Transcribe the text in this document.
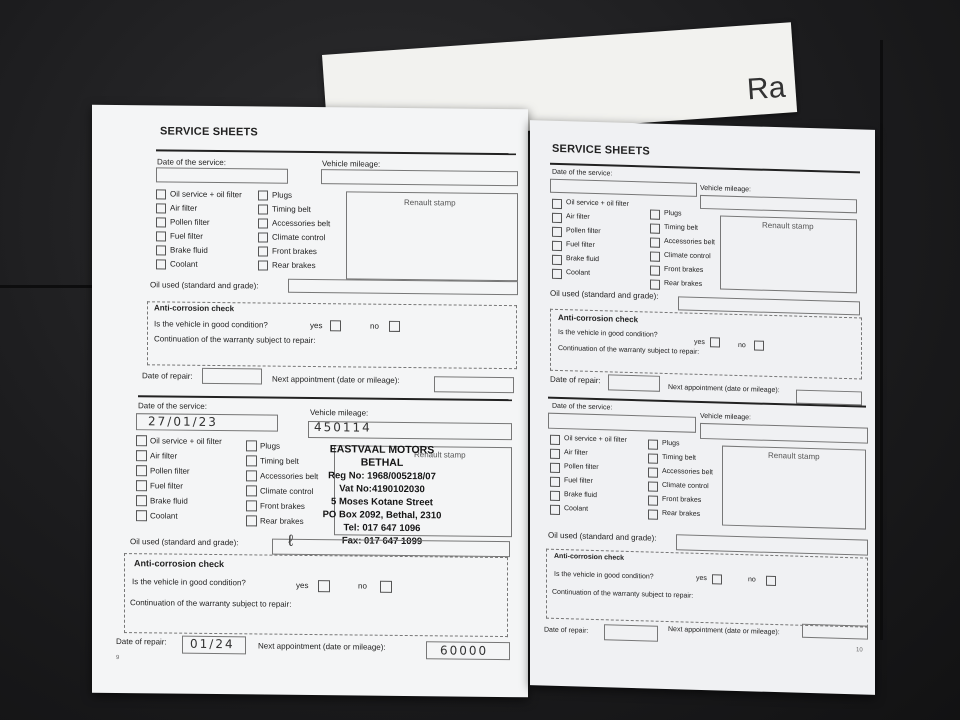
Ra
SERVICE SHEETS
Date of the service:	Vehicle mileage:
Oil service + oil filter
Air filter
Pollen filter
Fuel filter
Brake fluid
Coolant
Plugs
Timing belt
Accessories belt
Climate control
Front brakes
Rear brakes
Renault stamp
Oil used (standard and grade):
Anti-corrosion check
Is the vehicle in good condition?	yes	no
Continuation of the warranty subject to repair:
Date of repair:	Next appointment (date or mileage):
Date of the service:
Vehicle mileage:
27/01/23	450114
Oil service + oil filter
Air filter
Pollen filter
Fuel filter
Brake fluid
Coolant
Plugs
Timing belt
Accessories belt
Climate control
Front brakes
Rear brakes
Renault stamp
EASTVAAL MOTORS
BETHAL
Reg No: 1968/005218/07
Vat No:4190102030
5 Moses Kotane Street
PO Box 2092, Bethal, 2310
Tel: 017 647 1096
Fax: 017 647 1099
Oil used (standard and grade):	ℓ
Anti-corrosion check
Is the vehicle in good condition?	yes	no
Continuation of the warranty subject to repair:
Date of repair: 01/24	Next appointment (date or mileage):	60000
9
SERVICE SHEETS
Date of the service:
Vehicle mileage:
Oil service + oil filter
Air filter
Pollen filter
Fuel filter
Brake fluid
Coolant
Plugs
Timing belt
Accessories belt
Climate control
Front brakes
Rear brakes
Renault stamp
Oil used (standard and grade):
Anti-corrosion check
Is the vehicle in good condition?
yes	no
Continuation of the warranty subject to repair:
Date of repair:
Next appointment (date or mileage):
Date of the service:
Vehicle mileage:
Oil service + oil filter
Air filter
Pollen filter
Fuel filter
Brake fluid
Coolant
Plugs
Timing belt
Accessories belt
Climate control
Front brakes
Rear brakes
Renault stamp
Oil used (standard and grade):
Anti-corrosion check
Is the vehicle in good condition?	yes	no
Continuation of the warranty subject to repair:
Date of repair:	Next appointment (date or mileage):
10
